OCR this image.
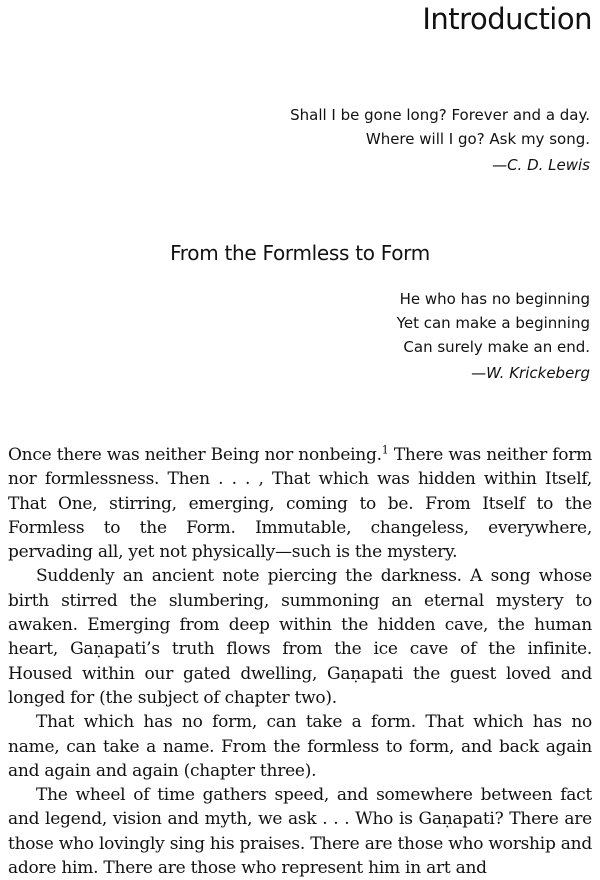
Introduction

Shall I be gone long? Forever and a day.

Where will I go? Ask my song.

—C. D. Lewis

From the Formless to Form

He who has no beginning

Yet can make a beginning

Can surely make an end.

—W. Krickeberg

Once there was neither Being nor nonbeing.$^1$ There was neither form nor formlessness. Then . . . , That which was hidden within Itself, That One, stirring, emerging, coming to be. From Itself to the Formless to the Form. Immutable, changeless, everywhere, pervading all, yet not physically—such is the mystery.

Suddenly an ancient note piercing the darkness. A song whose birth stirred the slumbering, summoning an eternal mystery to awaken. Emerging from deep within the hidden cave, the human heart, Gaṇapati’s truth flows from the ice cave of the infinite. Housed within our gated dwelling, Gaṇapati the guest loved and longed for (the subject of chapter two).

That which has no form, can take a form. That which has no name, can take a name. From the formless to form, and back again and again and again (chapter three).

The wheel of time gathers speed, and somewhere between fact and legend, vision and myth, we ask . . . Who is Gaṇapati? There are those who lovingly sing his praises. There are those who worship and adore him. There are those who represent him in art and
